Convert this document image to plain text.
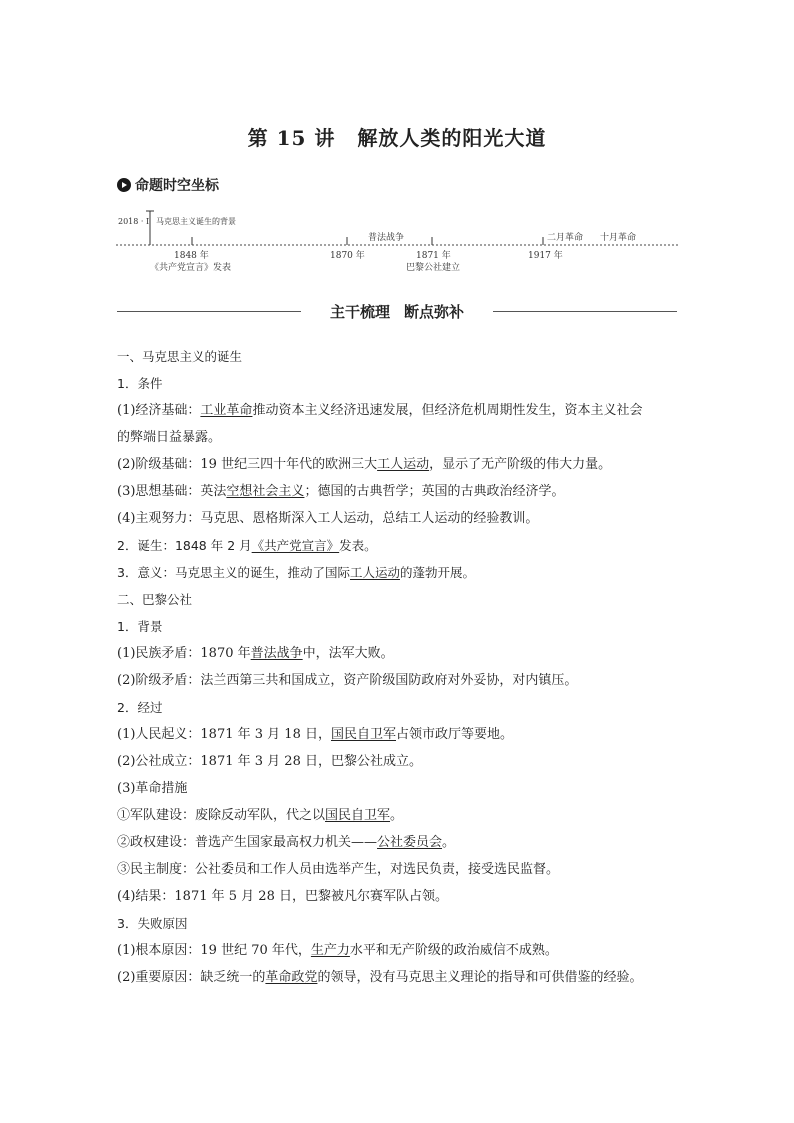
第 15 讲 解放人类的阳光大道
命题时空坐标
2018 · Ⅰ 马克思主义诞生的背景
1848 年
《共产党宣言》发表
1870 年
普法战争
1871 年
巴黎公社建立
1917 年
二月革命 十月革命
主干梳理 断点弥补
一、马克思主义的诞生
1．条件
(1)经济基础：工业革命推动资本主义经济迅速发展，但经济危机周期性发生，资本主义社会
的弊端日益暴露。
(2)阶级基础：19 世纪三四十年代的欧洲三大工人运动，显示了无产阶级的伟大力量。
(3)思想基础：英法空想社会主义；德国的古典哲学；英国的古典政治经济学。
(4)主观努力：马克思、恩格斯深入工人运动，总结工人运动的经验教训。
2．诞生：1848 年 2 月《共产党宣言》发表。
3．意义：马克思主义的诞生，推动了国际工人运动的蓬勃开展。
二、巴黎公社
1．背景
(1)民族矛盾：1870 年普法战争中，法军大败。
(2)阶级矛盾：法兰西第三共和国成立，资产阶级国防政府对外妥协，对内镇压。
2．经过
(1)人民起义：1871 年 3 月 18 日，国民自卫军占领市政厅等要地。
(2)公社成立：1871 年 3 月 28 日，巴黎公社成立。
(3)革命措施
①军队建设：废除反动军队，代之以国民自卫军。
②政权建设：普选产生国家最高权力机关——公社委员会。
③民主制度：公社委员和工作人员由选举产生，对选民负责，接受选民监督。
(4)结果：1871 年 5 月 28 日，巴黎被凡尔赛军队占领。
3．失败原因
(1)根本原因：19 世纪 70 年代，生产力水平和无产阶级的政治威信不成熟。
(2)重要原因：缺乏统一的革命政党的领导，没有马克思主义理论的指导和可供借鉴的经验。
